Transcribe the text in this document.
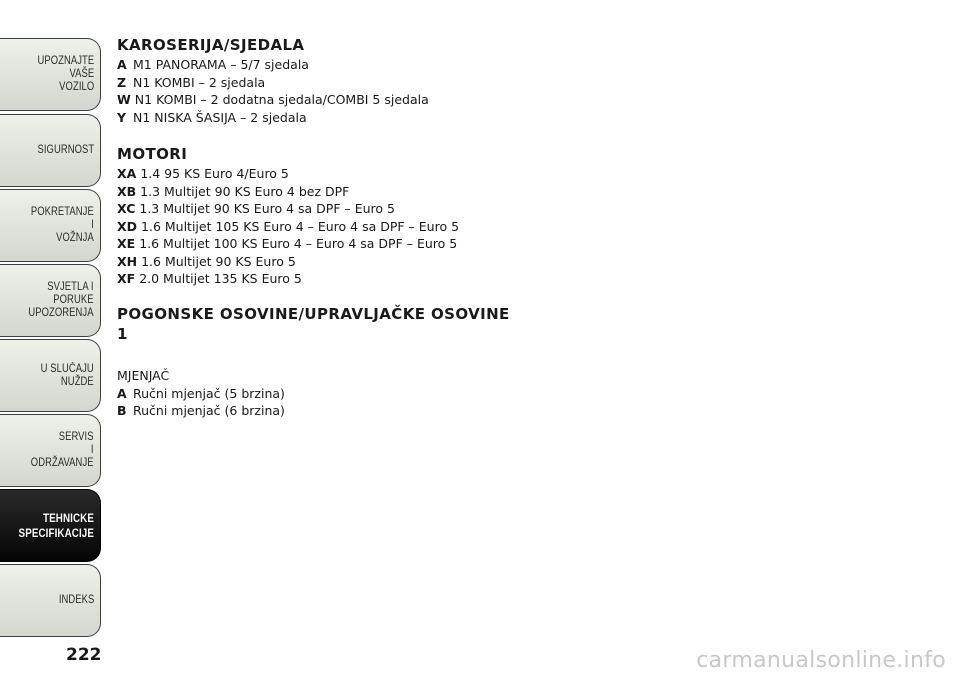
UPOZNAJTE
VAŠE
VOZILO
SIGURNOST
POKRETANJE
I
VOŽNJA
SVJETLA I
PORUKE
UPOZORENJA
U SLUČAJU
NUŽDE
SERVIS
I
ODRŽAVANJE
TEHNICKE
SPECIFIKACIJE
INDEKS
222
KAROSERIJA/SJEDALA
A M1 PANORAMA – 5/7 sjedala
Z N1 KOMBI – 2 sjedala
W N1 KOMBI – 2 dodatna sjedala/COMBI 5 sjedala
Y N1 NISKA ŠASIJA – 2 sjedala
MOTORI
XA 1.4 95 KS Euro 4/Euro 5
XB 1.3 Multijet 90 KS Euro 4 bez DPF
XC 1.3 Multijet 90 KS Euro 4 sa DPF – Euro 5
XD 1.6 Multijet 105 KS Euro 4 – Euro 4 sa DPF – Euro 5
XE 1.6 Multijet 100 KS Euro 4 – Euro 4 sa DPF – Euro 5
XH 1.6 Multijet 90 KS Euro 5
XF 2.0 Multijet 135 KS Euro 5
POGONSKE OSOVINE/UPRAVLJAČKE OSOVINE
1

MJENJAČ

A Ručni mjenjač (5 brzina)
B Ručni mjenjač (6 brzina)
carmanualsonline.info
